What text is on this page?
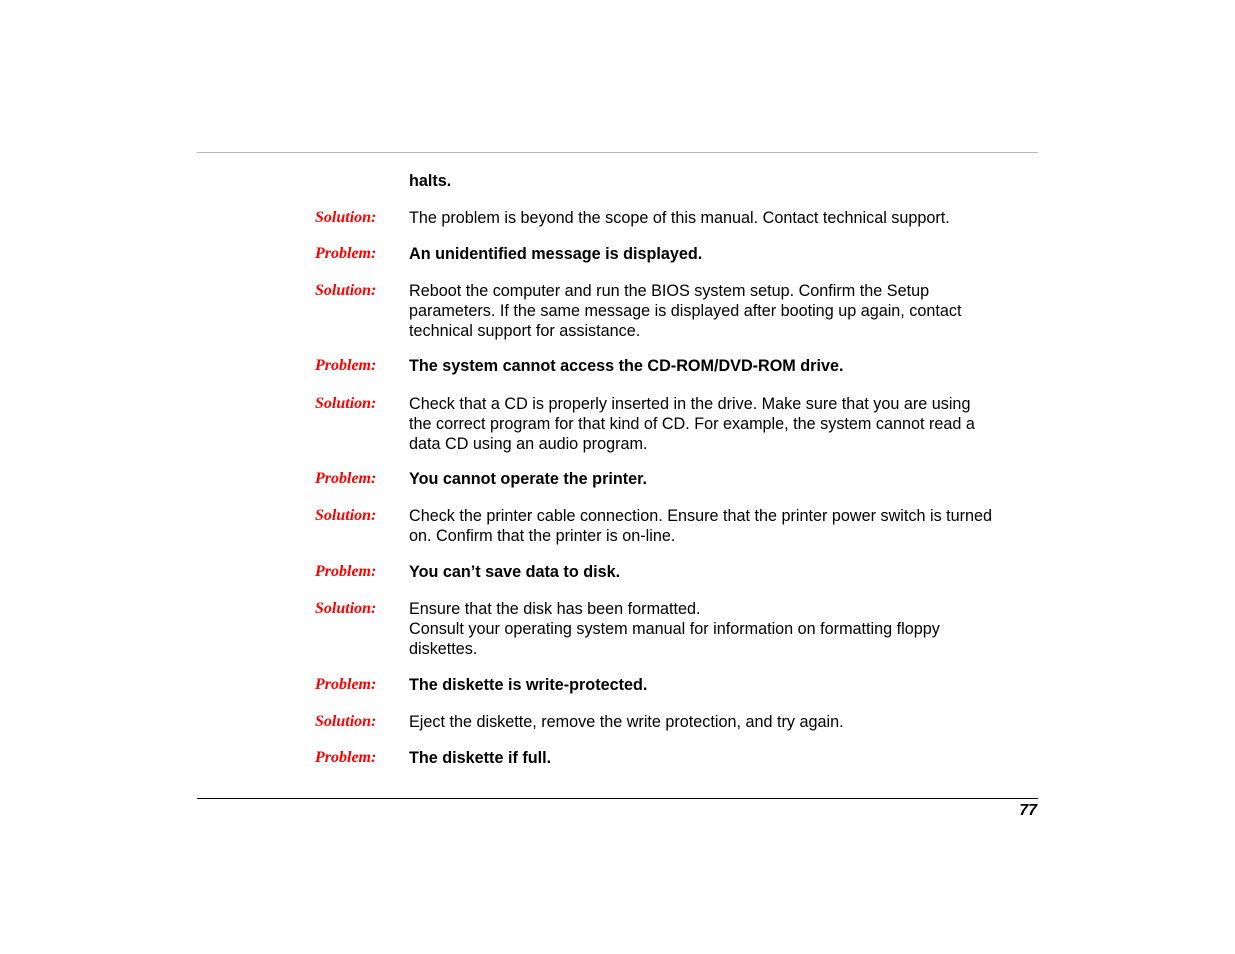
halts.
Solution: The problem is beyond the scope of this manual. Contact technical support.
Problem: An unidentified message is displayed.
Solution: Reboot the computer and run the BIOS system setup. Confirm the Setup
parameters. If the same message is displayed after booting up again, contact
technical support for assistance.
Problem: The system cannot access the CD-ROM/DVD-ROM drive.
Solution: Check that a CD is properly inserted in the drive. Make sure that you are using
the correct program for that kind of CD. For example, the system cannot read a
data CD using an audio program.
Problem: You cannot operate the printer.
Solution: Check the printer cable connection. Ensure that the printer power switch is turned
on. Confirm that the printer is on-line.
Problem: You can’t save data to disk.
Solution: Ensure that the disk has been formatted.
Consult your operating system manual for information on formatting floppy
diskettes.
Problem: The diskette is write-protected.
Solution: Eject the diskette, remove the write protection, and try again.
Problem: The diskette if full.
77
